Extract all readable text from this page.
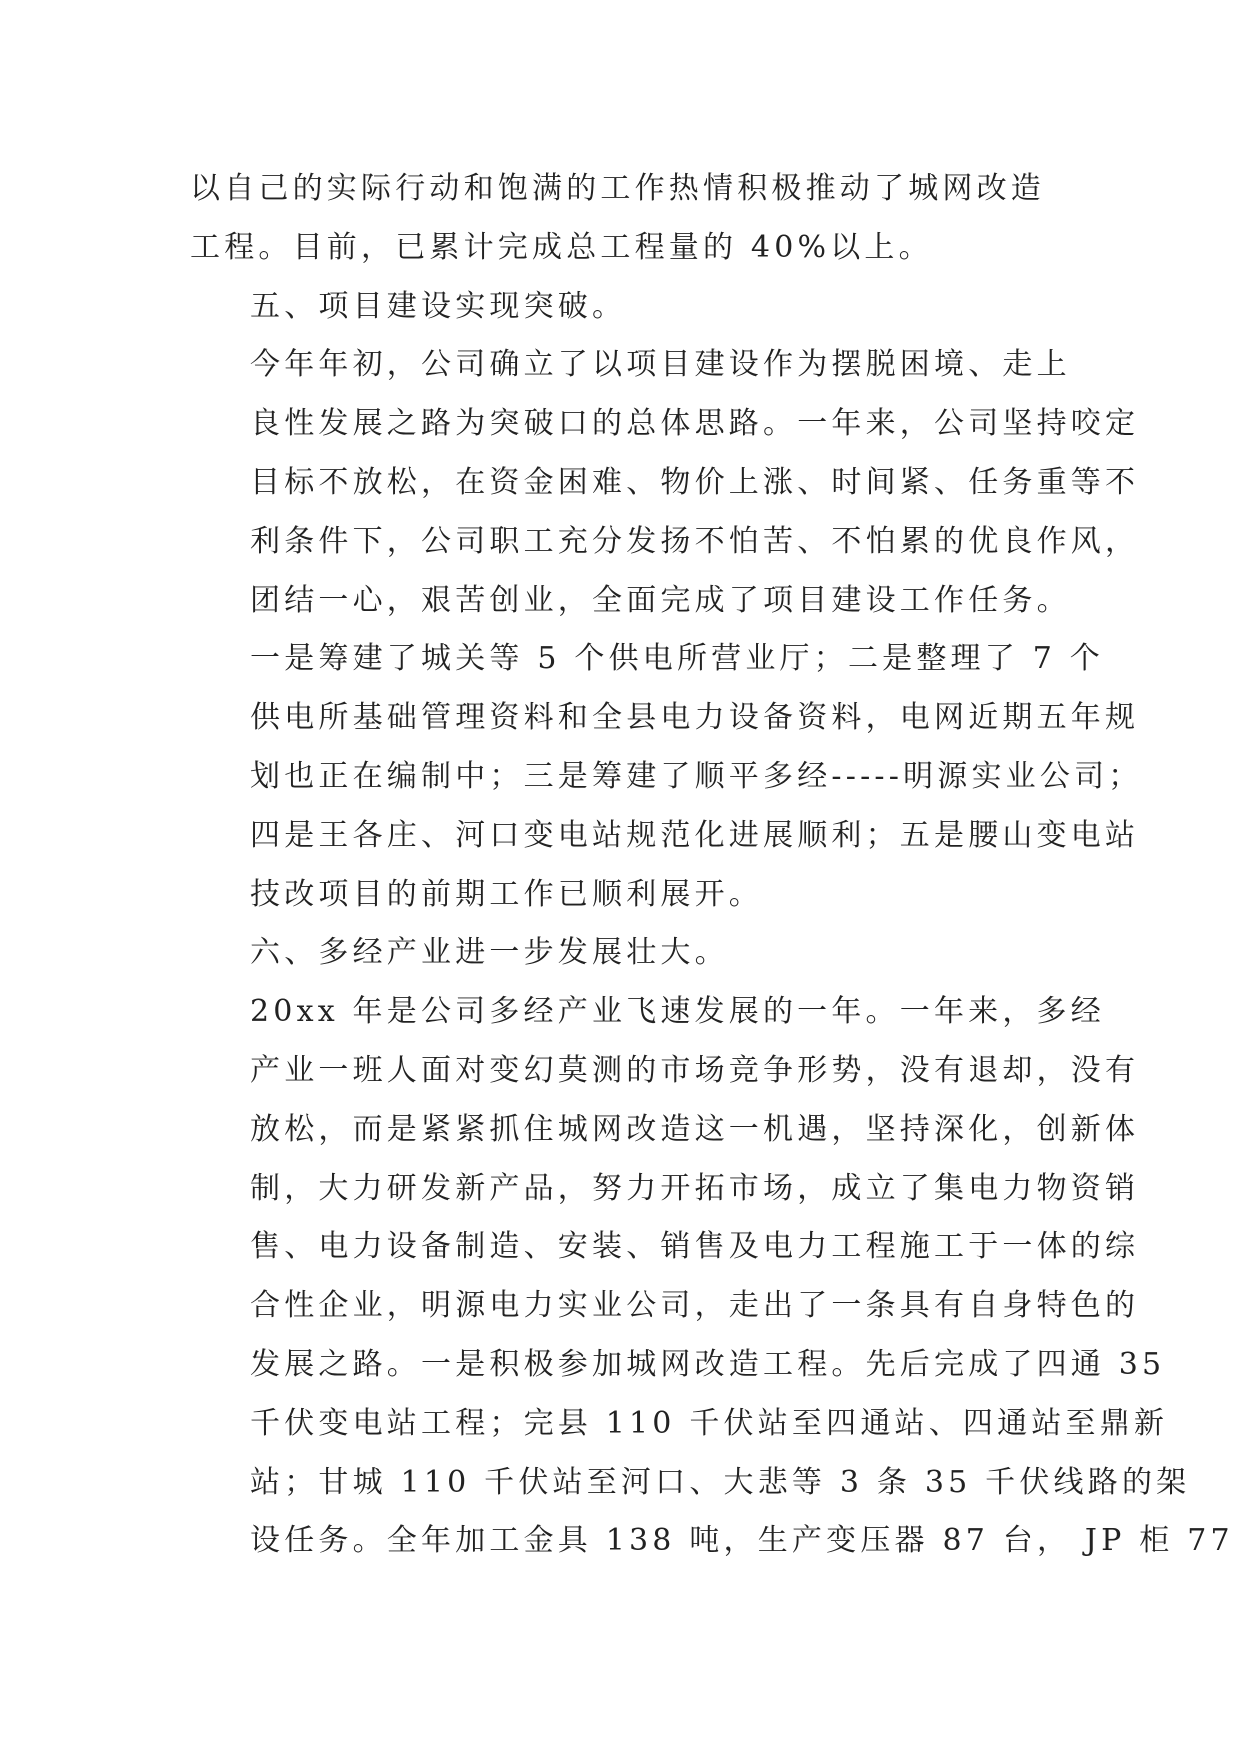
以自己的实际行动和饱满的工作热情积极推动了城网改造
工程。目前，已累计完成总工程量的 40%以上。

五、项目建设实现突破。

今年年初，公司确立了以项目建设作为摆脱困境、走上
良性发展之路为突破口的总体思路。一年来，公司坚持咬定
目标不放松，在资金困难、物价上涨、时间紧、任务重等不
利条件下，公司职工充分发扬不怕苦、不怕累的优良作风，
团结一心，艰苦创业，全面完成了项目建设工作任务。

一是筹建了城关等 5 个供电所营业厅；二是整理了 7 个
供电所基础管理资料和全县电力设备资料，电网近期五年规
划也正在编制中；三是筹建了顺平多经-----明源实业公司；
四是王各庄、河口变电站规范化进展顺利；五是腰山变电站
技改项目的前期工作已顺利展开。

六、多经产业进一步发展壮大。

20xx 年是公司多经产业飞速发展的一年。一年来，多经
产业一班人面对变幻莫测的市场竞争形势，没有退却，没有
放松，而是紧紧抓住城网改造这一机遇，坚持深化，创新体
制，大力研发新产品，努力开拓市场，成立了集电力物资销
售、电力设备制造、安装、销售及电力工程施工于一体的综
合性企业，明源电力实业公司，走出了一条具有自身特色的
发展之路。一是积极参加城网改造工程。先后完成了四通 35
千伏变电站工程；完县 110 千伏站至四通站、四通站至鼎新
站；甘城 110 千伏站至河口、大悲等 3 条 35 千伏线路的架
设任务。全年加工金具 138 吨，生产变压器 87 台， JP 柜 77
